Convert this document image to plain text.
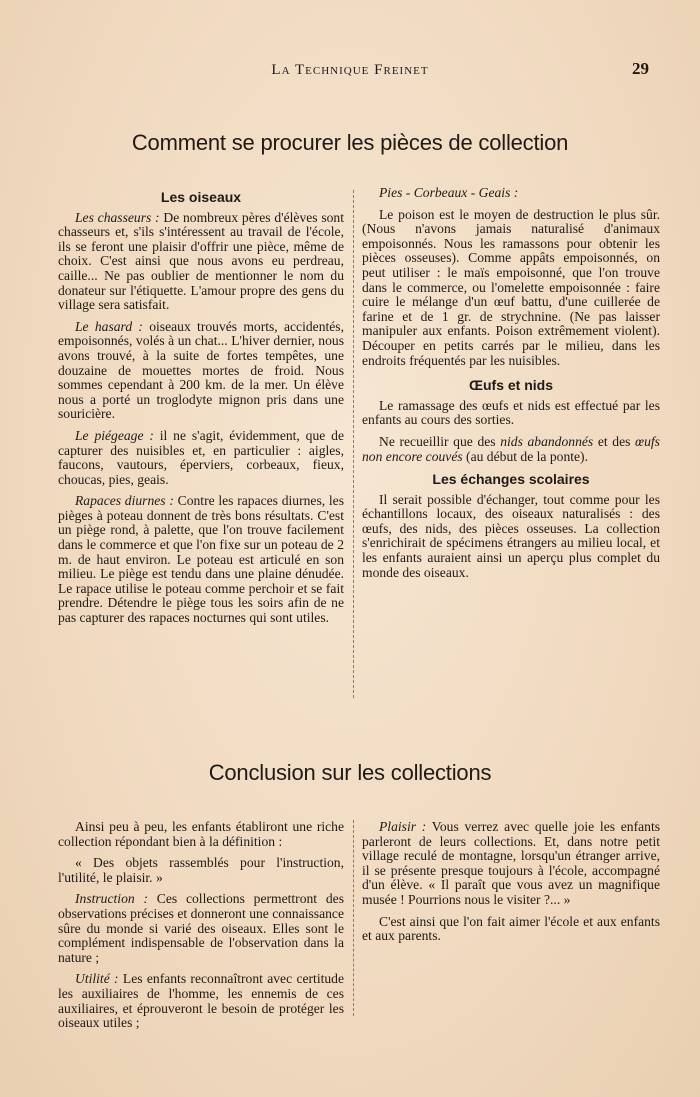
La Technique Freinet	29
Comment se procurer les pièces de collection
Les oiseaux

Les chasseurs : De nombreux pères d'élèves sont chasseurs et, s'ils s'intéressent au travail de l'école, ils se feront une plaisir d'offrir une pièce, même de choix. C'est ainsi que nous avons eu perdreau, caille... Ne pas oublier de mentionner le nom du donateur sur l'étiquette. L'amour propre des gens du village sera satisfait.

Le hasard : oiseaux trouvés morts, accidentés, empoisonnés, volés à un chat... L'hiver dernier, nous avons trouvé, à la suite de fortes tempêtes, une douzaine de mouettes mortes de froid. Nous sommes cependant à 200 km. de la mer. Un élève nous a porté un troglodyte mignon pris dans une souricière.

Le piégeage : il ne s'agit, évidemment, que de capturer des nuisibles et, en particulier : aigles, faucons, vautours, éperviers, corbeaux, fieux, choucas, pies, geais.

Rapaces diurnes : Contre les rapaces diurnes, les pièges à poteau donnent de très bons résultats. C'est un piège rond, à palette, que l'on trouve facilement dans le commerce et que l'on fixe sur un poteau de 2 m. de haut environ. Le poteau est articulé en son milieu. Le piège est tendu dans une plaine dénudée. Le rapace utilise le poteau comme perchoir et se fait prendre. Détendre le piège tous les soirs afin de ne pas capturer des rapaces nocturnes qui sont utiles.

Pies - Corbeaux - Geais :

Le poison est le moyen de destruction le plus sûr. (Nous n'avons jamais naturalisé d'animaux empoisonnés. Nous les ramassons pour obtenir les pièces osseuses). Comme appâts empoisonnés, on peut utiliser : le maïs empoisonné, que l'on trouve dans le commerce, ou l'omelette empoisonnée : faire cuire le mélange d'un œuf battu, d'une cuillerée de farine et de 1 gr. de strychnine. (Ne pas laisser manipuler aux enfants. Poison extrêmement violent). Découper en petits carrés par le milieu, dans les endroits fréquentés par les nuisibles.

Œufs et nids

Le ramassage des œufs et nids est effectué par les enfants au cours des sorties.

Ne recueillir que des nids abandonnés et des œufs non encore couvés (au début de la ponte).

Les échanges scolaires

Il serait possible d'échanger, tout comme pour les échantillons locaux, des oiseaux naturalisés : des œufs, des nids, des pièces osseuses. La collection s'enrichirait de spécimens étrangers au milieu local, et les enfants auraient ainsi un aperçu plus complet du monde des oiseaux.

Conclusion sur les collections

Ainsi peu à peu, les enfants établiront une riche collection répondant bien à la définition :

« Des objets rassemblés pour l'instruction, l'utilité, le plaisir. »

Instruction : Ces collections permettront des observations précises et donneront une connaissance sûre du monde si varié des oiseaux. Elles sont le complément indispensable de l'observation dans la nature ;

Utilité : Les enfants reconnaîtront avec certitude les auxiliaires de l'homme, les ennemis de ces auxiliaires, et éprouveront le besoin de protéger les oiseaux utiles ;

Plaisir : Vous verrez avec quelle joie les enfants parleront de leurs collections. Et, dans notre petit village reculé de montagne, lorsqu'un étranger arrive, il se présente presque toujours à l'école, accompagné d'un élève. « Il paraît que vous avez un magnifique musée ! Pourrions nous le visiter ?... »

C'est ainsi que l'on fait aimer l'école et aux enfants et aux parents.
